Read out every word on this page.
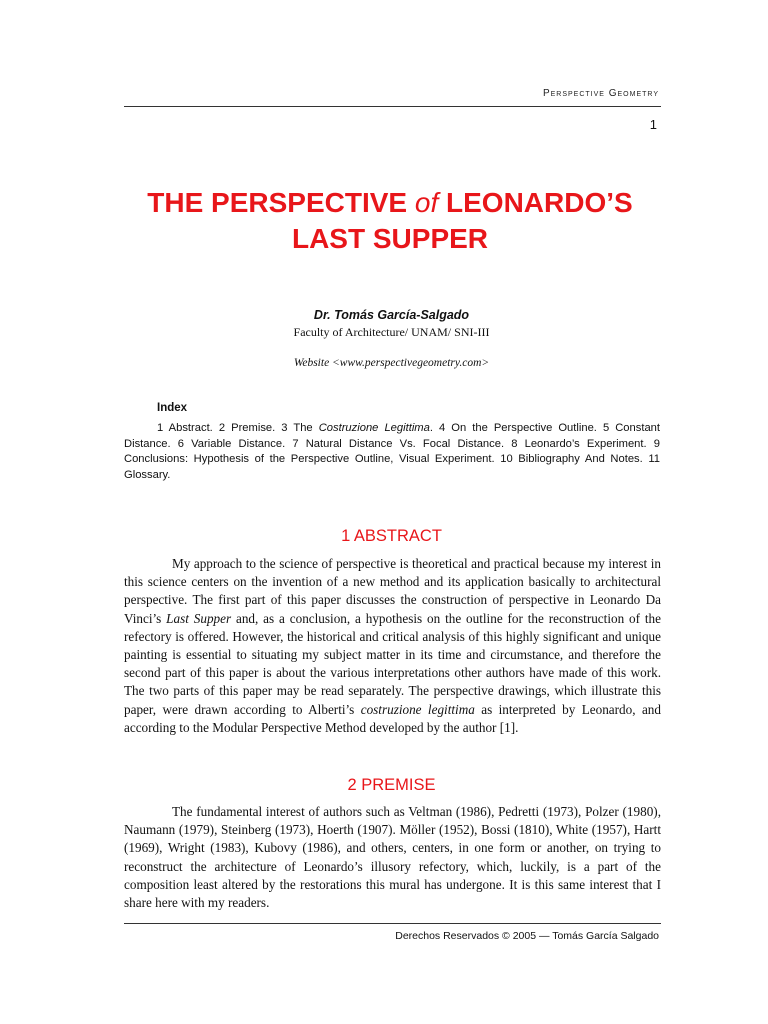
Perspective Geometry
1
THE PERSPECTIVE of LEONARDO’S
LAST SUPPER
Dr. Tomás García-Salgado
Faculty of Architecture/ UNAM/ SNI-III
Website <www.perspectivegeometry.com>
Index
1 Abstract. 2 Premise. 3 The Costruzione Legittima. 4 On the Perspective Outline. 5 Constant Distance. 6 Variable Distance. 7 Natural Distance Vs. Focal Distance. 8 Leonardo’s Experiment. 9 Conclusions: Hypothesis of the Perspective Outline, Visual Experiment. 10 Bibliography And Notes. 11 Glossary.
1 ABSTRACT
My approach to the science of perspective is theoretical and practical because my interest in this science centers on the invention of a new method and its application basically to architectural perspective. The first part of this paper discusses the construction of perspective in Leonardo Da Vinci’s Last Supper and, as a conclusion, a hypothesis on the outline for the reconstruction of the refectory is offered. However, the historical and critical analysis of this highly significant and unique painting is essential to situating my subject matter in its time and circumstance, and therefore the second part of this paper is about the various interpretations other authors have made of this work. The two parts of this paper may be read separately. The perspective drawings, which illustrate this paper, were drawn according to Alberti’s costruzione legittima as interpreted by Leonardo, and according to the Modular Perspective Method developed by the author [1].
2 PREMISE
The fundamental interest of authors such as Veltman (1986), Pedretti (1973), Polzer (1980), Naumann (1979), Steinberg (1973), Hoerth (1907). Möller (1952), Bossi (1810), White (1957), Hartt (1969), Wright (1983), Kubovy (1986), and others, centers, in one form or another, on trying to reconstruct the architecture of Leonardo’s illusory refectory, which, luckily, is a part of the composition least altered by the restorations this mural has undergone. It is this same interest that I share here with my readers.
Derechos Reservados © 2005 — Tomás García Salgado
